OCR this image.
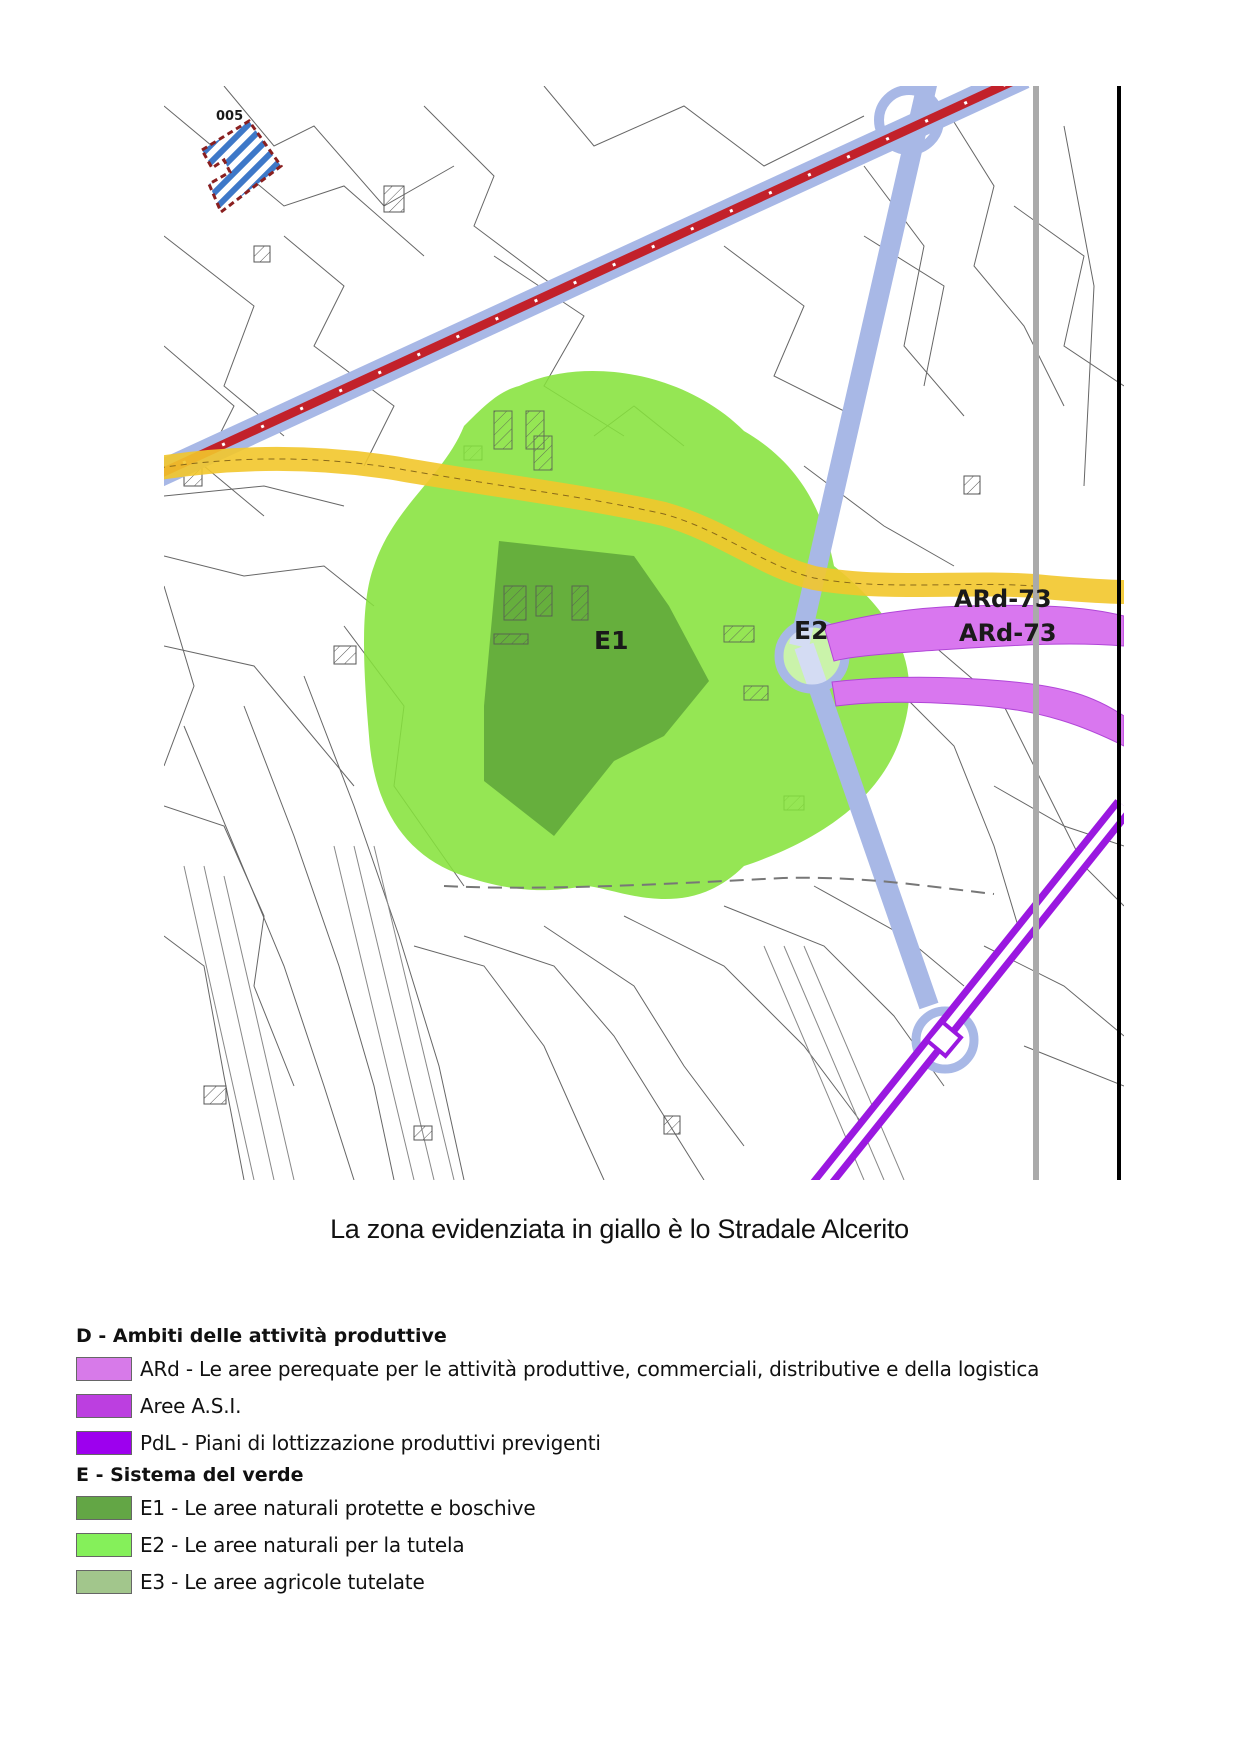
005
E1	E2
ARd-73
ARd-73
La zona evidenziata in giallo è lo Stradale Alcerito
D - Ambiti delle attività produttive
ARd - Le aree perequate per le attività produttive, commerciali, distributive e della logistica
Aree A.S.I.
PdL - Piani di lottizzazione produttivi previgenti
E - Sistema del verde
E1 - Le aree naturali protette e boschive
E2 - Le aree naturali per la tutela
E3 - Le aree agricole tutelate
